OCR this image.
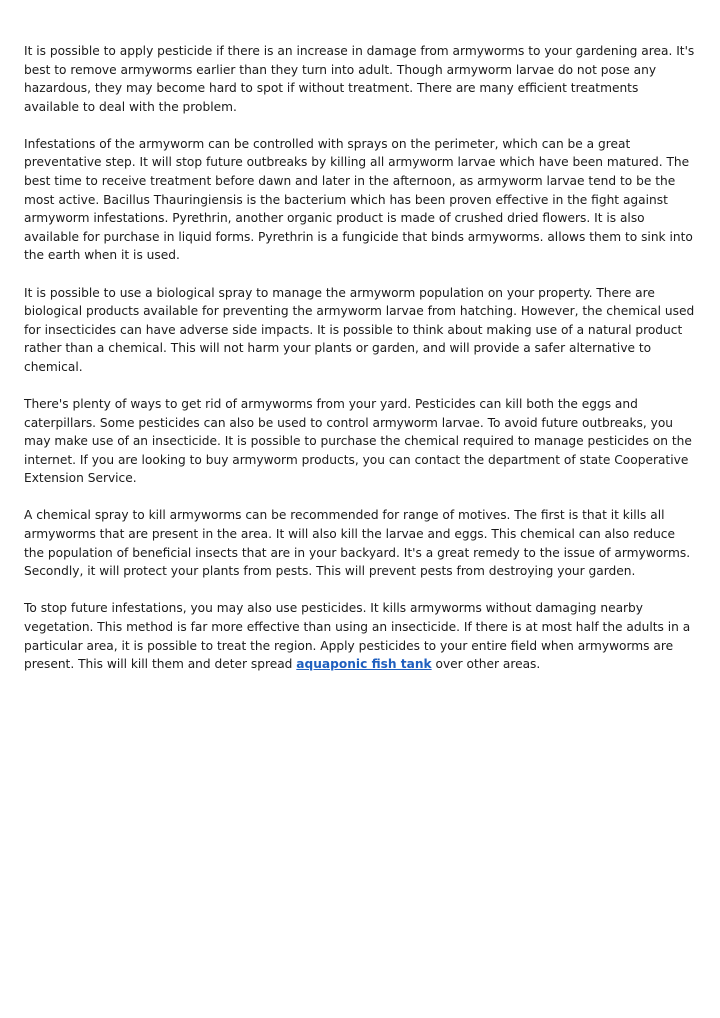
It is possible to apply pesticide if there is an increase in damage from armyworms to your gardening area. It's best to remove armyworms earlier than they turn into adult. Though armyworm larvae do not pose any hazardous, they may become hard to spot if without treatment. There are many efficient treatments available to deal with the problem.

Infestations of the armyworm can be controlled with sprays on the perimeter, which can be a great preventative step. It will stop future outbreaks by killing all armyworm larvae which have been matured. The best time to receive treatment before dawn and later in the afternoon, as armyworm larvae tend to be the most active. Bacillus Thauringiensis is the bacterium which has been proven effective in the fight against armyworm infestations. Pyrethrin, another organic product is made of crushed dried flowers. It is also available for purchase in liquid forms. Pyrethrin is a fungicide that binds armyworms. allows them to sink into the earth when it is used.

It is possible to use a biological spray to manage the armyworm population on your property. There are biological products available for preventing the armyworm larvae from hatching. However, the chemical used for insecticides can have adverse side impacts. It is possible to think about making use of a natural product rather than a chemical. This will not harm your plants or garden, and will provide a safer alternative to chemical.

There's plenty of ways to get rid of armyworms from your yard. Pesticides can kill both the eggs and caterpillars. Some pesticides can also be used to control armyworm larvae. To avoid future outbreaks, you may make use of an insecticide. It is possible to purchase the chemical required to manage pesticides on the internet. If you are looking to buy armyworm products, you can contact the department of state Cooperative Extension Service.

A chemical spray to kill armyworms can be recommended for range of motives. The first is that it kills all armyworms that are present in the area. It will also kill the larvae and eggs. This chemical can also reduce the population of beneficial insects that are in your backyard. It's a great remedy to the issue of armyworms. Secondly, it will protect your plants from pests. This will prevent pests from destroying your garden.

To stop future infestations, you may also use pesticides. It kills armyworms without damaging nearby vegetation. This method is far more effective than using an insecticide. If there is at most half the adults in a particular area, it is possible to treat the region. Apply pesticides to your entire field when armyworms are present. This will kill them and deter spread aquaponic fish tank over other areas.
